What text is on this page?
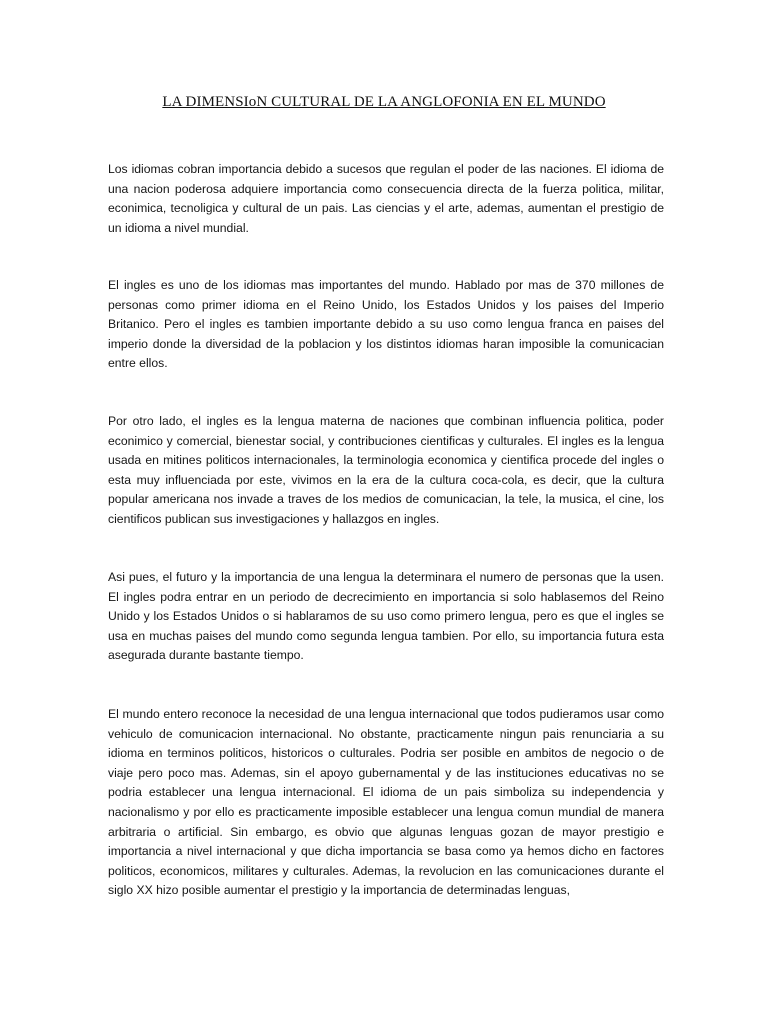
LA DIMENSIoN CULTURAL DE LA ANGLOFONIA EN EL MUNDO

Los idiomas cobran importancia debido a sucesos que regulan el poder de las naciones. El idioma de una nacion poderosa adquiere importancia como consecuencia directa de la fuerza politica, militar, econimica, tecnoligica y cultural de un pais. Las ciencias y el arte, ademas, aumentan el prestigio de un idioma a nivel mundial.

El ingles es uno de los idiomas mas importantes del mundo. Hablado por mas de 370 millones de personas como primer idioma en el Reino Unido, los Estados Unidos y los paises del Imperio Britanico. Pero el ingles es tambien importante debido a su uso como lengua franca en paises del imperio donde la diversidad de la poblacion y los distintos idiomas haran imposible la comunicacian entre ellos.

Por otro lado, el ingles es la lengua materna de naciones que combinan influencia politica, poder econimico y comercial, bienestar social, y contribuciones cientificas y culturales. El ingles es la lengua usada en mitines politicos internacionales, la terminologia economica y cientifica procede del ingles o esta muy influenciada por este, vivimos en la era de la cultura coca-cola, es decir, que la cultura popular americana nos invade a traves de los medios de comunicacian, la tele, la musica, el cine, los cientificos publican sus investigaciones y hallazgos en ingles.

Asi pues, el futuro y la importancia de una lengua la determinara el numero de personas que la usen. El ingles podra entrar en un periodo de decrecimiento en importancia si solo hablasemos del Reino Unido y los Estados Unidos o si hablaramos de su uso como primero lengua, pero es que el ingles se usa en muchas paises del mundo como segunda lengua tambien. Por ello, su importancia futura esta asegurada durante bastante tiempo.

El mundo entero reconoce la necesidad de una lengua internacional que todos pudieramos usar como vehiculo de comunicacion internacional. No obstante, practicamente ningun pais renunciaria a su idioma en terminos politicos, historicos o culturales. Podria ser posible en ambitos de negocio o de viaje pero poco mas. Ademas, sin el apoyo gubernamental y de las instituciones educativas no se podria establecer una lengua internacional. El idioma de un pais simboliza su independencia y nacionalismo y por ello es practicamente imposible establecer una lengua comun mundial de manera arbitraria o artificial. Sin embargo, es obvio que algunas lenguas gozan de mayor prestigio e importancia a nivel internacional y que dicha importancia se basa como ya hemos dicho en factores politicos, economicos, militares y culturales. Ademas, la revolucion en las comunicaciones durante el siglo XX hizo posible aumentar el prestigio y la importancia de determinadas lenguas,
